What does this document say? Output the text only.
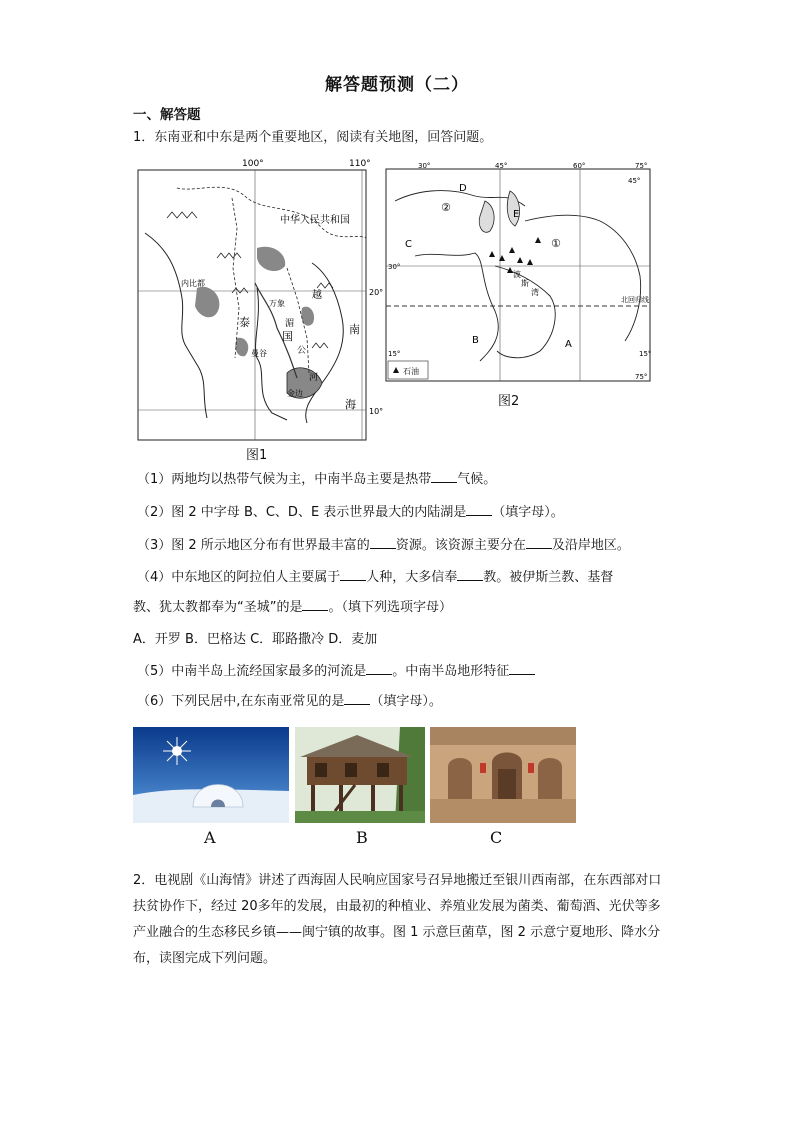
解答题预测（二）
一、解答题
1．东南亚和中东是两个重要地区，阅读有关地图，回答问题。
100°	110°
中华人民共和国
内比都
万象
曼谷
金边
湄
公
河
国
泰
南
海
越	20°
10°
图1
30°	45°	60°	75°
45°
30°
15°	15°
75°
北回归线
D
②
E
C	①
B	A
波
斯
湾
石油
图2
（1）两地均以热带气候为主，中南半岛主要是热带 气候。
（2）图 2 中字母 B、C、D、E 表示世界最大的内陆湖是 （填字母）。
（3）图 2 所示地区分布有世界最丰富的 资源。该资源主要分在 及沿岸地区。
（4）中东地区的阿拉伯人主要属于 人种，大多信奉 教。被伊斯兰教、基督
教、犹太教都奉为“圣城”的是 。（填下列选项字母）
A．开罗 B．巴格达 C．耶路撒冷 D．麦加
（5）中南半岛上流经国家最多的河流是 。中南半岛地形特征
（6）下列民居中,在东南亚常见的是 （填字母）。
A	B	C
2．电视剧《山海情》讲述了西海固人民响应国家号召异地搬迁至银川西南部，在东西部对口扶贫协作下，经过 20多年的发展，由最初的种植业、养殖业发展为菌类、葡萄酒、光伏等多产业融合的生态移民乡镇——闽宁镇的故事。图 1 示意巨菌草，图 2 示意宁夏地形、降水分布，读图完成下列问题。
